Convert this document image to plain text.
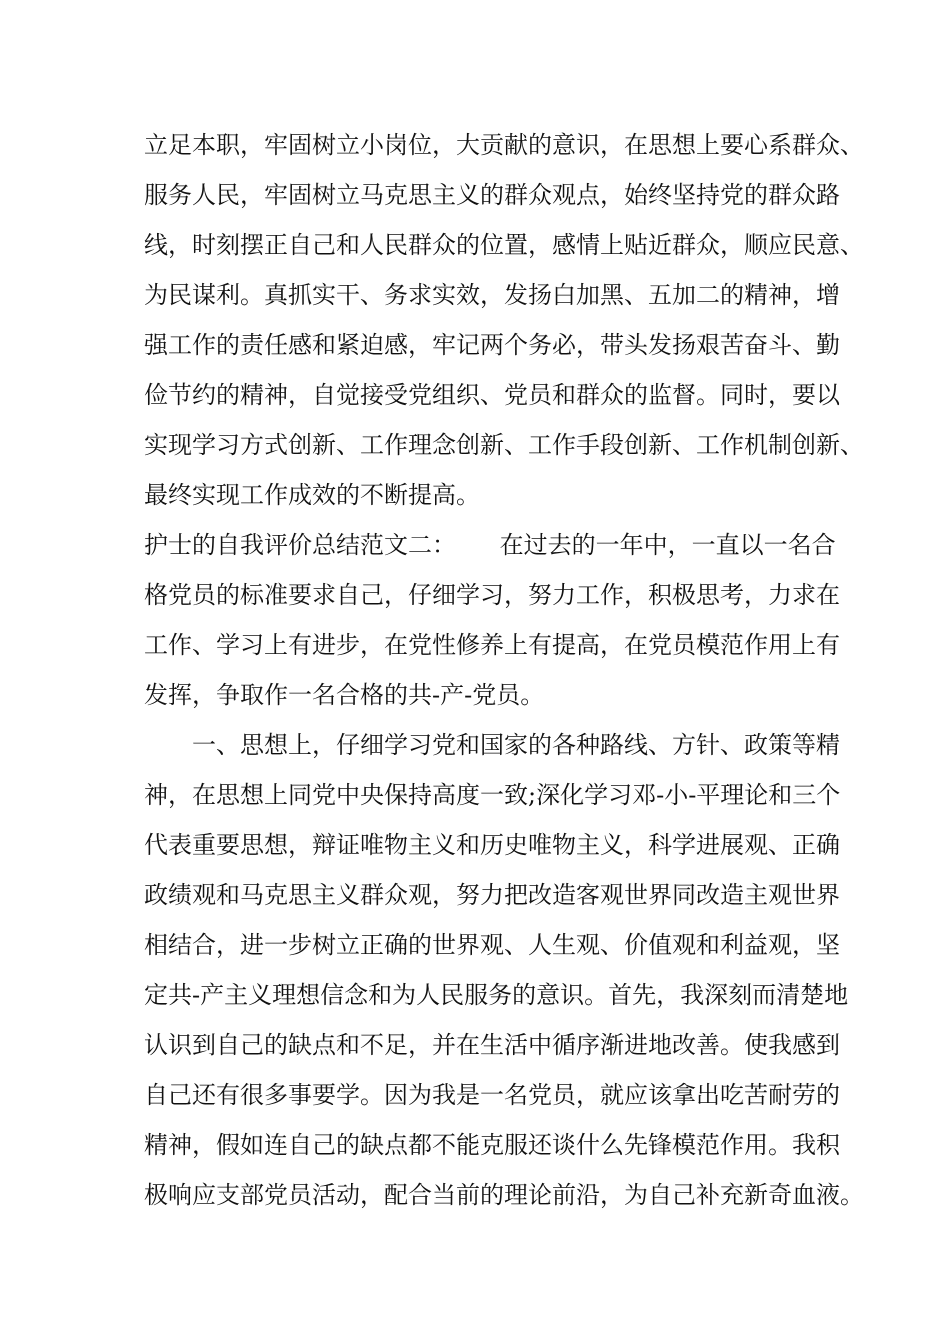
立足本职，牢固树立小岗位，大贡献的意识，在思想上要心系群众、
服务人民，牢固树立马克思主义的群众观点，始终坚持党的群众路
线，时刻摆正自己和人民群众的位置，感情上贴近群众，顺应民意、
为民谋利。真抓实干、务求实效，发扬白加黑、五加二的精神，增
强工作的责任感和紧迫感，牢记两个务必，带头发扬艰苦奋斗、勤
俭节约的精神，自觉接受党组织、党员和群众的监督。同时，要以
实现学习方式创新、工作理念创新、工作手段创新、工作机制创新、
最终实现工作成效的不断提高。
护士的自我评价总结范文二：　　 在过去的一年中，一直以一名合
格党员的标准要求自己，仔细学习，努力工作，积极思考，力求在
工作、学习上有进步，在党性修养上有提高，在党员模范作用上有
发挥，争取作一名合格的共-产-党员。
　　一、思想上，仔细学习党和国家的各种路线、方针、政策等精
神，在思想上同党中央保持高度一致;深化学习邓-小-平理论和三个
代表重要思想，辩证唯物主义和历史唯物主义，科学进展观、正确
政绩观和马克思主义群众观，努力把改造客观世界同改造主观世界
相结合，进一步树立正确的世界观、人生观、价值观和利益观，坚
定共-产主义理想信念和为人民服务的意识。首先，我深刻而清楚地
认识到自己的缺点和不足，并在生活中循序渐进地改善。使我感到
自己还有很多事要学。因为我是一名党员，就应该拿出吃苦耐劳的
精神，假如连自己的缺点都不能克服还谈什么先锋模范作用。我积
极响应支部党员活动，配合当前的理论前沿，为自己补充新奇血液。
